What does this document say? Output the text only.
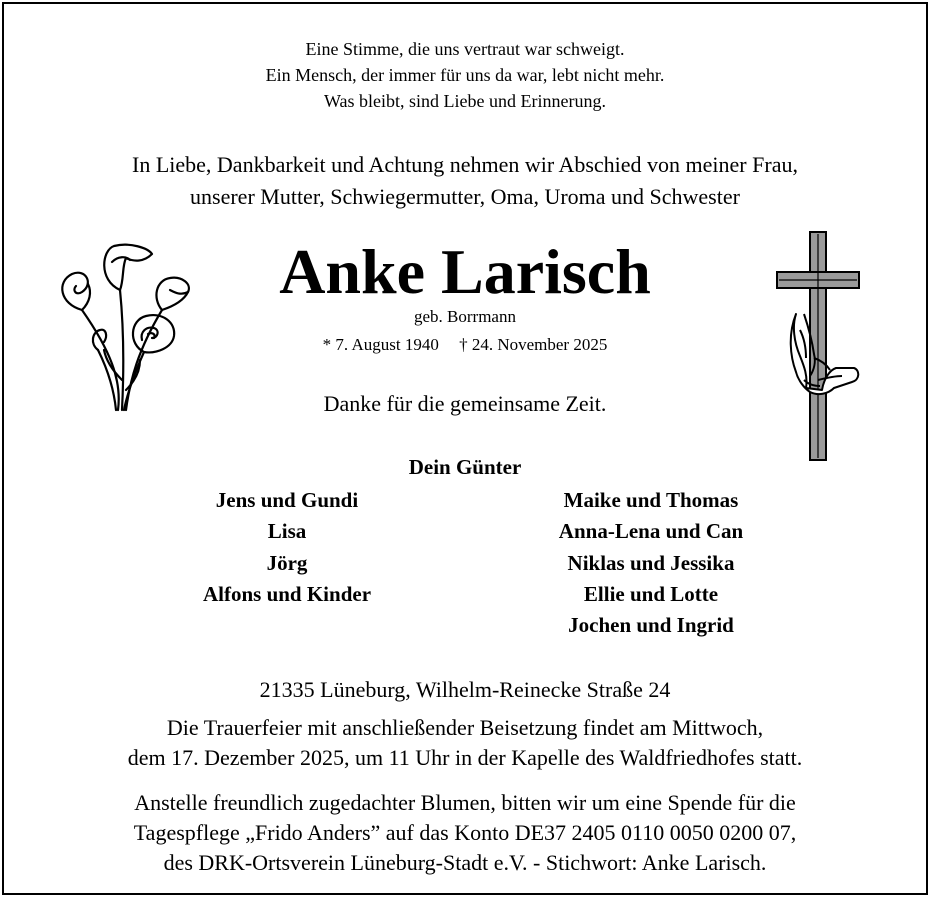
Eine Stimme, die uns vertraut war schweigt.
Ein Mensch, der immer für uns da war, lebt nicht mehr.
Was bleibt, sind Liebe und Erinnerung.
In Liebe, Dankbarkeit und Achtung nehmen wir Abschied von meiner Frau,
unserer Mutter, Schwiegermutter, Oma, Uroma und Schwester
Anke Larisch
geb. Borrmann
* 7. August 1940 † 24. November 2025
Danke für die gemeinsame Zeit.
Dein Günter
Jens und Gundi
Lisa
Jörg
Alfons und Kinder
Maike und Thomas
Anna-Lena und Can
Niklas und Jessika
Ellie und Lotte
Jochen und Ingrid
21335 Lüneburg, Wilhelm-Reinecke Straße 24
Die Trauerfeier mit anschließender Beisetzung findet am Mittwoch,
dem 17. Dezember 2025, um 11 Uhr in der Kapelle des Waldfriedhofes statt.
Anstelle freundlich zugedachter Blumen, bitten wir um eine Spende für die
Tagespflege „Frido Anders” auf das Konto DE37 2405 0110 0050 0200 07,
des DRK-Ortsverein Lüneburg-Stadt e.V. - Stichwort: Anke Larisch.
